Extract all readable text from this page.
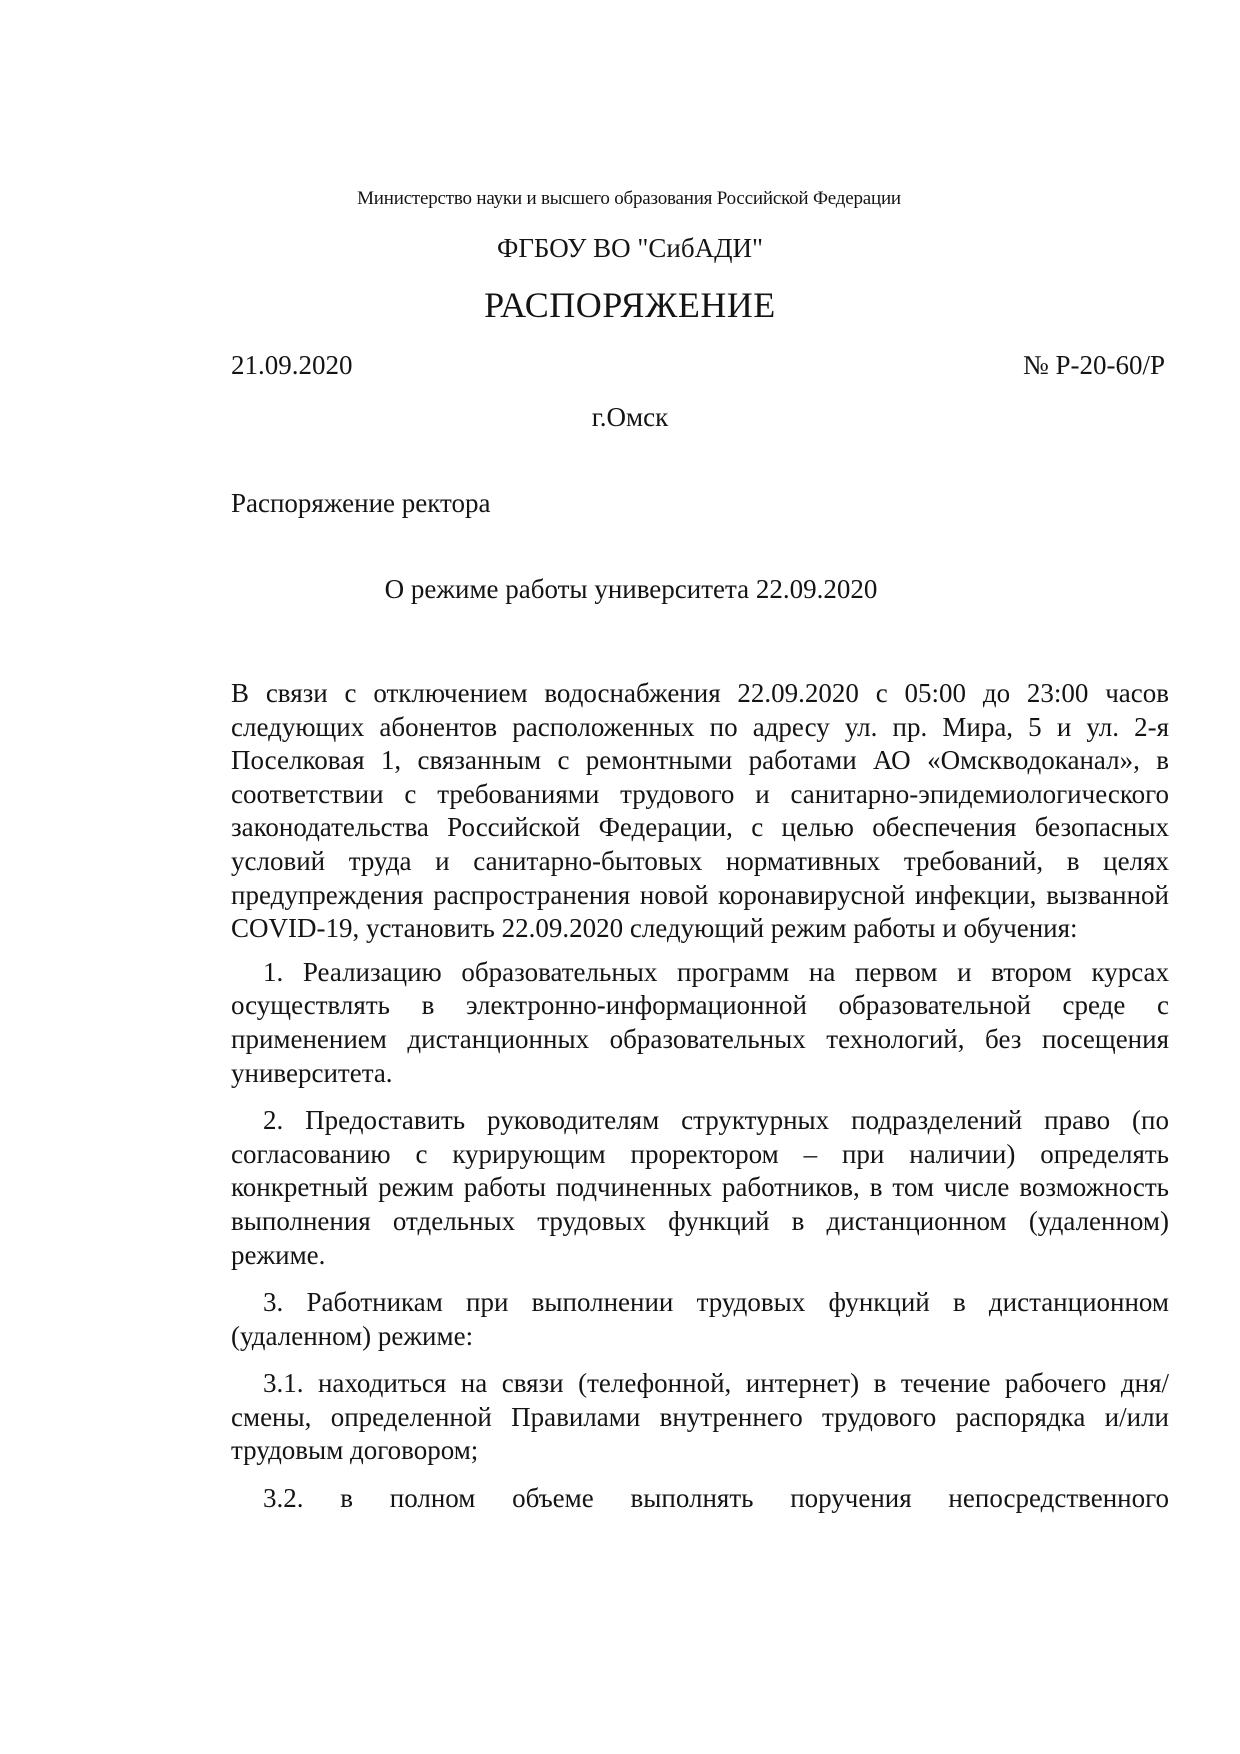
Министерство науки и высшего образования Российской Федерации
ФГБОУ ВО "СибАДИ"
РАСПОРЯЖЕНИЕ
21.09.2020	№ Р-20-60/Р
г.Омск
Распоряжение ректора
О режиме работы университета 22.09.2020

В связи с отключением водоснабжения 22.09.2020 с 05:00 до 23:00 часов следующих абонентов расположенных по адресу ул. пр. Мира, 5 и ул. 2-я Поселковая 1, связанным с ремонтными работами АО «Омскводоканал», в соответствии с требованиями трудового и санитарно-эпидемиологического законодательства Российской Федерации, с целью обеспечения безопасных условий труда и санитарно-бытовых нормативных требований, в целях предупреждения распространения новой коронавирусной инфекции, вызванной COVID-19, установить 22.09.2020 следующий режим работы и обучения:

1. Реализацию образовательных программ на первом и втором курсах осуществлять в электронно-информационной образовательной среде с применением дистанционных образовательных технологий, без посещения университета.

2. Предоставить руководителям структурных подразделений право (по согласованию с курирующим проректором – при наличии) определять конкретный режим работы подчиненных работников, в том числе возможность выполнения отдельных трудовых функций в дистанционном (удаленном) режиме.

3. Работникам при выполнении трудовых функций в дистанционном (удаленном) режиме:

3.1. находиться на связи (телефонной, интернет) в течение рабочего дня/смены, определенной Правилами внутреннего трудового распорядка и/или трудовым договором;

3.2. в полном объеме выполнять поручения непосредственного
